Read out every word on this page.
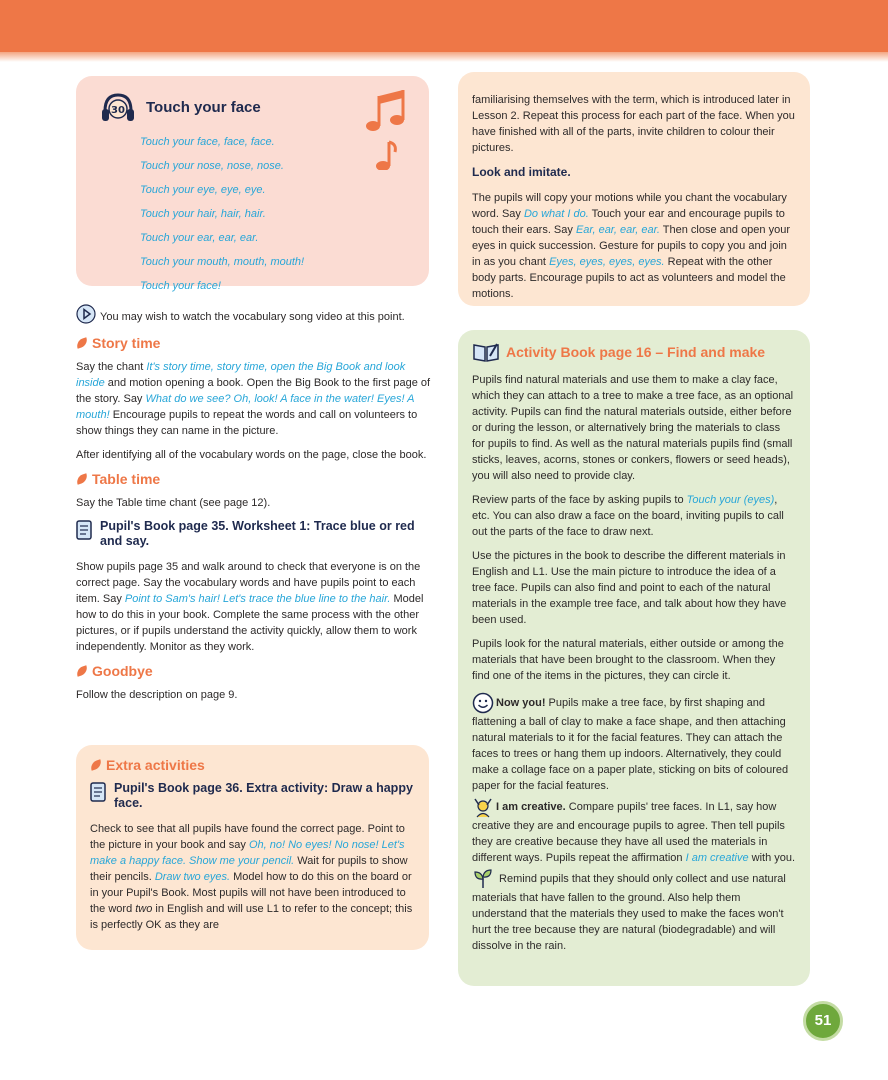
30 Touch your face
Touch your face, face, face.
Touch your nose, nose, nose.
Touch your eye, eye, eye.
Touch your hair, hair, hair.
Touch your ear, ear, ear.
Touch your mouth, mouth, mouth!
Touch your face!
You may wish to watch the vocabulary song video at this point.
Story time

Say the chant It's story time, story time, open the Big Book and look inside and motion opening a book. Open the Big Book to the first page of the story. Say What do we see? Oh, look! A face in the water! Eyes! A mouth! Encourage pupils to repeat the words and call on volunteers to show things they can name in the picture.

After identifying all of the vocabulary words on the page, close the book.

Table time

Say the Table time chant (see page 12).

Pupil's Book page 35. Worksheet 1: Trace blue or red and say.

Show pupils page 35 and walk around to check that everyone is on the correct page. Say the vocabulary words and have pupils point to each item. Say Point to Sam's hair! Let's trace the blue line to the hair. Model how to do this in your book. Complete the same process with the other pictures, or if pupils understand the activity quickly, allow them to work independently. Monitor as they work.

Goodbye

Follow the description on page 9.

Extra activities
Pupil's Book page 36. Extra activity: Draw a happy face.

Check to see that all pupils have found the correct page. Point to the picture in your book and say Oh, no! No eyes! No nose! Let's make a happy face. Show me your pencil. Wait for pupils to show their pencils. Draw two eyes. Model how to do this on the board or in your Pupil's Book. Most pupils will not have been introduced to the word two in English and will use L1 to refer to the concept; this is perfectly OK as they are

familiarising themselves with the term, which is introduced later in Lesson 2. Repeat this process for each part of the face. When you have finished with all of the parts, invite children to colour their pictures.

Look and imitate.

The pupils will copy your motions while you chant the vocabulary word. Say Do what I do. Touch your ear and encourage pupils to touch their ears. Say Ear, ear, ear, ear. Then close and open your eyes in quick succession. Gesture for pupils to copy you and join in as you chant Eyes, eyes, eyes, eyes. Repeat with the other body parts. Encourage pupils to act as volunteers and model the motions.

Activity Book page 16 – Find and make

Pupils find natural materials and use them to make a clay face, which they can attach to a tree to make a tree face, as an optional activity. Pupils can find the natural materials outside, either before or during the lesson, or alternatively bring the materials to class for pupils to find. As well as the natural materials pupils find (small sticks, leaves, acorns, stones or conkers, flowers or seed heads), you will also need to provide clay.

Review parts of the face by asking pupils to Touch your (eyes), etc. You can also draw a face on the board, inviting pupils to call out the parts of the face to draw next.

Use the pictures in the book to describe the different materials in English and L1. Use the main picture to introduce the idea of a tree face. Pupils can also find and point to each of the natural materials in the example tree face, and talk about how they have been used.

Pupils look for the natural materials, either outside or among the materials that have been brought to the classroom. When they find one of the items in the pictures, they can circle it.

Now you! Pupils make a tree face, by first shaping and flattening a ball of clay to make a face shape, and then attaching natural materials to it for the facial features. They can attach the faces to trees or hang them up indoors. Alternatively, they could make a collage face on a paper plate, sticking on bits of coloured paper for the facial features.

I am creative. Compare pupils' tree faces. In L1, say how creative they are and encourage pupils to agree. Then tell pupils they are creative because they have all used the materials in different ways. Pupils repeat the affirmation I am creative with you.

Remind pupils that they should only collect and use natural materials that have fallen to the ground. Also help them understand that the materials they used to make the faces won't hurt the tree because they are natural (biodegradable) and will dissolve in the rain.

51
